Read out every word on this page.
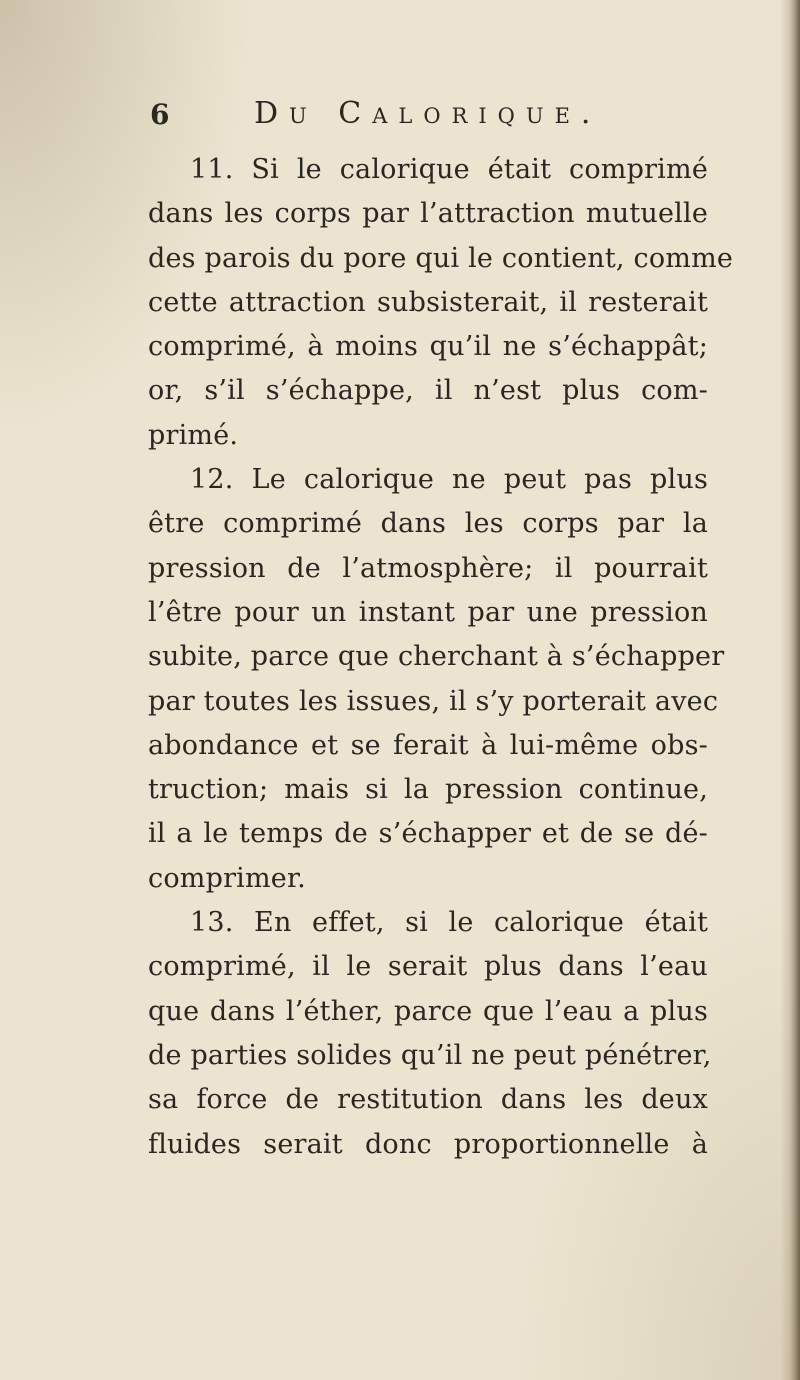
6	Du Calorique.
11. Si le calorique était comprimé
dans les corps par l’attraction mutuelle
des parois du pore qui le contient, comme
cette attraction subsisterait, il resterait
comprimé, à moins qu’il ne s’échappât;
or, s’il s’échappe, il n’est plus com-
primé.
12. Le calorique ne peut pas plus
être comprimé dans les corps par la
pression de l’atmosphère; il pourrait
l’être pour un instant par une pression
subite, parce que cherchant à s’échapper
par toutes les issues, il s’y porterait avec
abondance et se ferait à lui-même obs-
truction; mais si la pression continue,
il a le temps de s’échapper et de se dé-
comprimer.
13. En effet, si le calorique était
comprimé, il le serait plus dans l’eau
que dans l’éther, parce que l’eau a plus
de parties solides qu’il ne peut pénétrer,
sa force de restitution dans les deux
fluides serait donc proportionnelle à
